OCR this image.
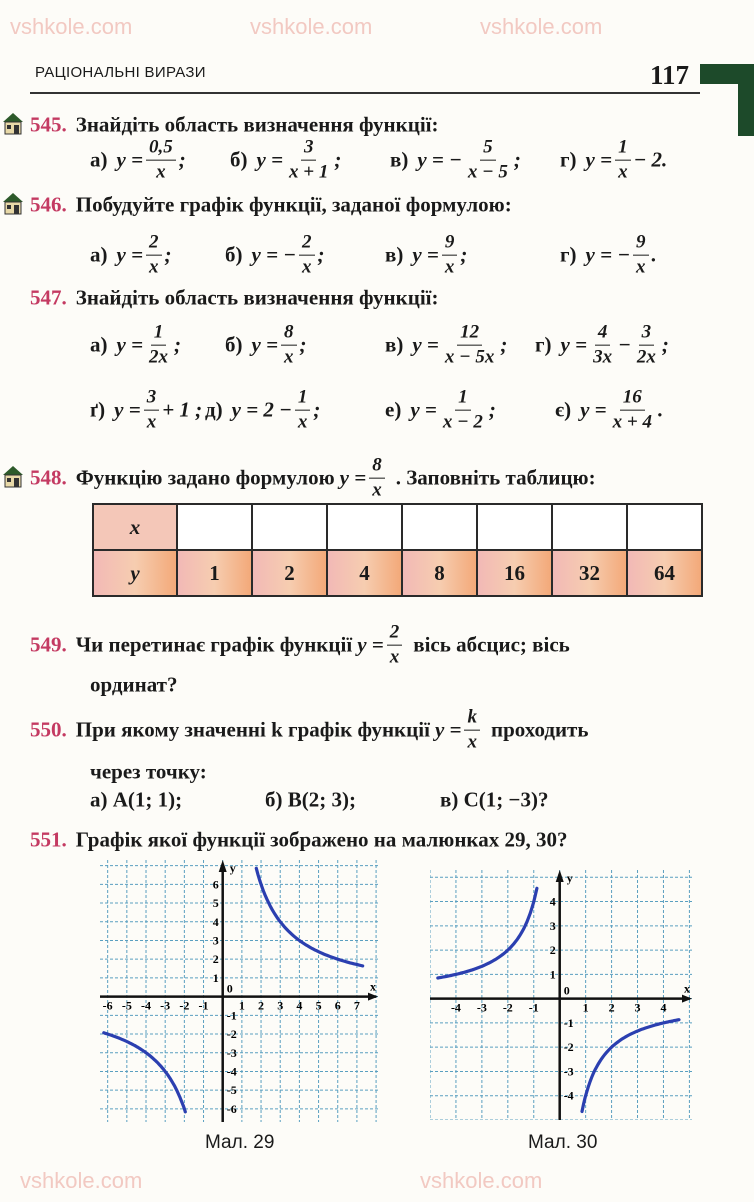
vshkole.com	vshkole.com	vshkole.com
vshkole.com	vshkole.com
РАЦІОНАЛЬНІ ВИРАЗИ	117
545. Знайдіть область визначення функції:
а) $y = \frac{0,5}{x}$ ; б) $y = \frac{3}{x + 1}$ ; в) y = − $\frac{5}{x - 5}$ ; г) $y = \frac{1}{x} - 2$.
546. Побудуйте графік функції, заданої формулою:
а) $y = \frac{2}{x}$ ;	б) y = − $\frac{2}{x}$ ;	в) $y = \frac{9}{x}$ ;	г) y = − $\frac{9}{x}$ .
547. Знайдіть область визначення функції:
а) $y = \frac{1}{2x}$ ; б) $y = \frac{8}{x}$ ;	в) $y = \frac{12}{x - 5x}$ ; г) $y = \frac{4}{3x} - \frac{3}{2x}$ ;
ґ) $y = \frac{3}{x} + 1$ ; д) $y = 2 - \frac{1}{x}$ ;	е) $y = \frac{1}{x - 2}$ ;	є) $y = \frac{16}{x + 4}$ .
548. Функцію задано формулою $y = \frac{8}{x}$ . Заповніть таблицю:
x							
y	1	2	4	8	16	32	64
549. Чи перетинає графік функції $y = \frac{2}{x}$ вісь абсцис; вісь
ординат?
550. При якому значенні k графік функції $y = \frac{k}{x}$ проходить
через точку:
а) A(1; 1);	б) B(2; 3);	в) C(1; −3)?
551. Графік якої функції зображено на малюнках 29, 30?
-6 -5 -4 -3 -2 -1	1 2 3 4 5 6 7
-6
-5
-4
-3
-2
-1
1
2
3
4
5
6
0	x
y
Мал. 29
-4 -3 -2 -1	1 2 3 4
-4
-3
-2
-1
1
2
3
4
0	x
y
Мал. 30
